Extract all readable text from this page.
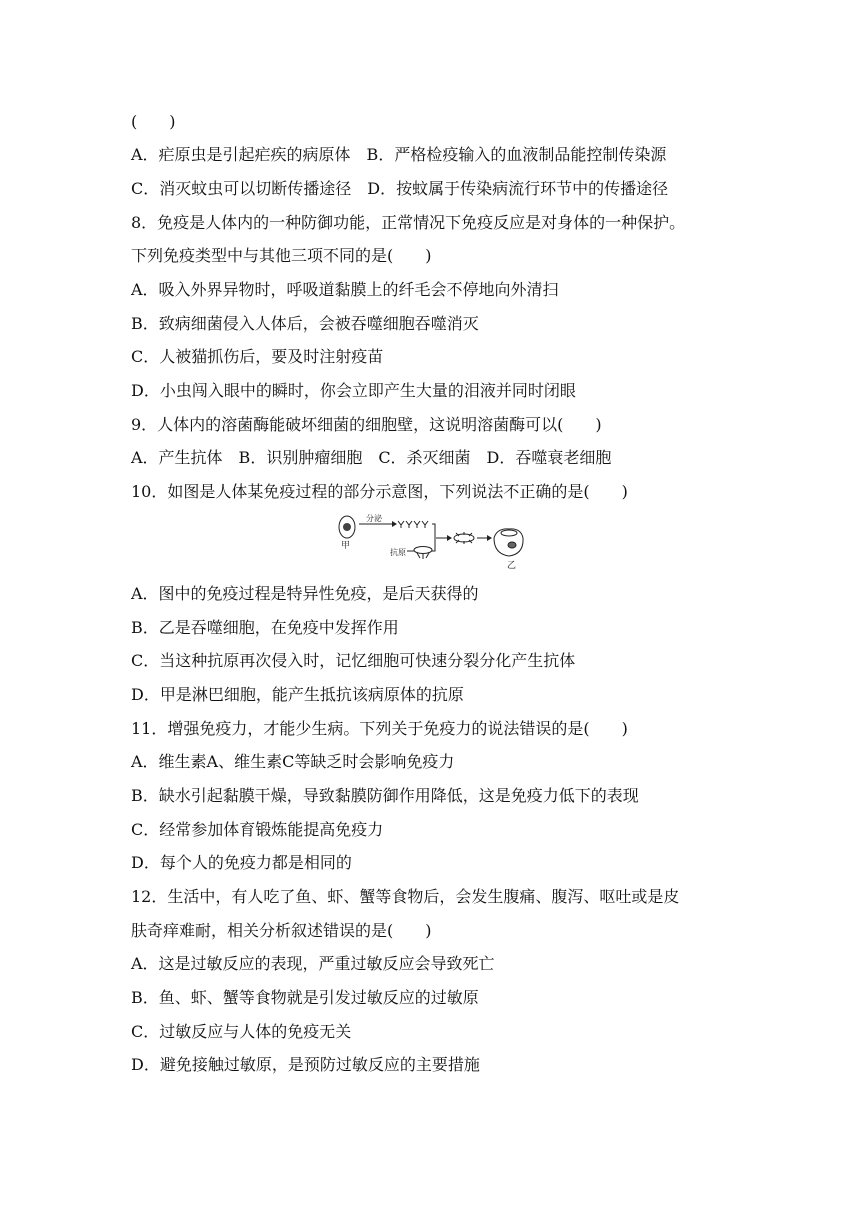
(　　)
A．疟原虫是引起疟疾的病原体　B．严格检疫输入的血液制品能控制传染源
C．消灭蚊虫可以切断传播途径　D．按蚊属于传染病流行环节中的传播途径
8．免疫是人体内的一种防御功能，正常情况下免疫反应是对身体的一种保护。
下列免疫类型中与其他三项不同的是(　　)
A．吸入外界异物时，呼吸道黏膜上的纤毛会不停地向外清扫
B．致病细菌侵入人体后，会被吞噬细胞吞噬消灭
C．人被猫抓伤后，要及时注射疫苗
D．小虫闯入眼中的瞬时，你会立即产生大量的泪液并同时闭眼
9．人体内的溶菌酶能破坏细菌的细胞壁，这说明溶菌酶可以(　　)
A．产生抗体　B．识别肿瘤细胞　C．杀灭细菌　D．吞噬衰老细胞
10．如图是人体某免疫过程的部分示意图，下列说法不正确的是(　　)
甲
分泌
抗原
乙
A．图中的免疫过程是特异性免疫，是后天获得的
B．乙是吞噬细胞，在免疫中发挥作用
C．当这种抗原再次侵入时，记忆细胞可快速分裂分化产生抗体
D．甲是淋巴细胞，能产生抵抗该病原体的抗原
11．增强免疫力，才能少生病。下列关于免疫力的说法错误的是(　　)
A．维生素A、维生素C等缺乏时会影响免疫力
B．缺水引起黏膜干燥，导致黏膜防御作用降低，这是免疫力低下的表现
C．经常参加体育锻炼能提高免疫力
D．每个人的免疫力都是相同的
12．生活中，有人吃了鱼、虾、蟹等食物后，会发生腹痛、腹泻、呕吐或是皮
肤奇痒难耐，相关分析叙述错误的是(　　)
A．这是过敏反应的表现，严重过敏反应会导致死亡
B．鱼、虾、蟹等食物就是引发过敏反应的过敏原
C．过敏反应与人体的免疫无关
D．避免接触过敏原，是预防过敏反应的主要措施
